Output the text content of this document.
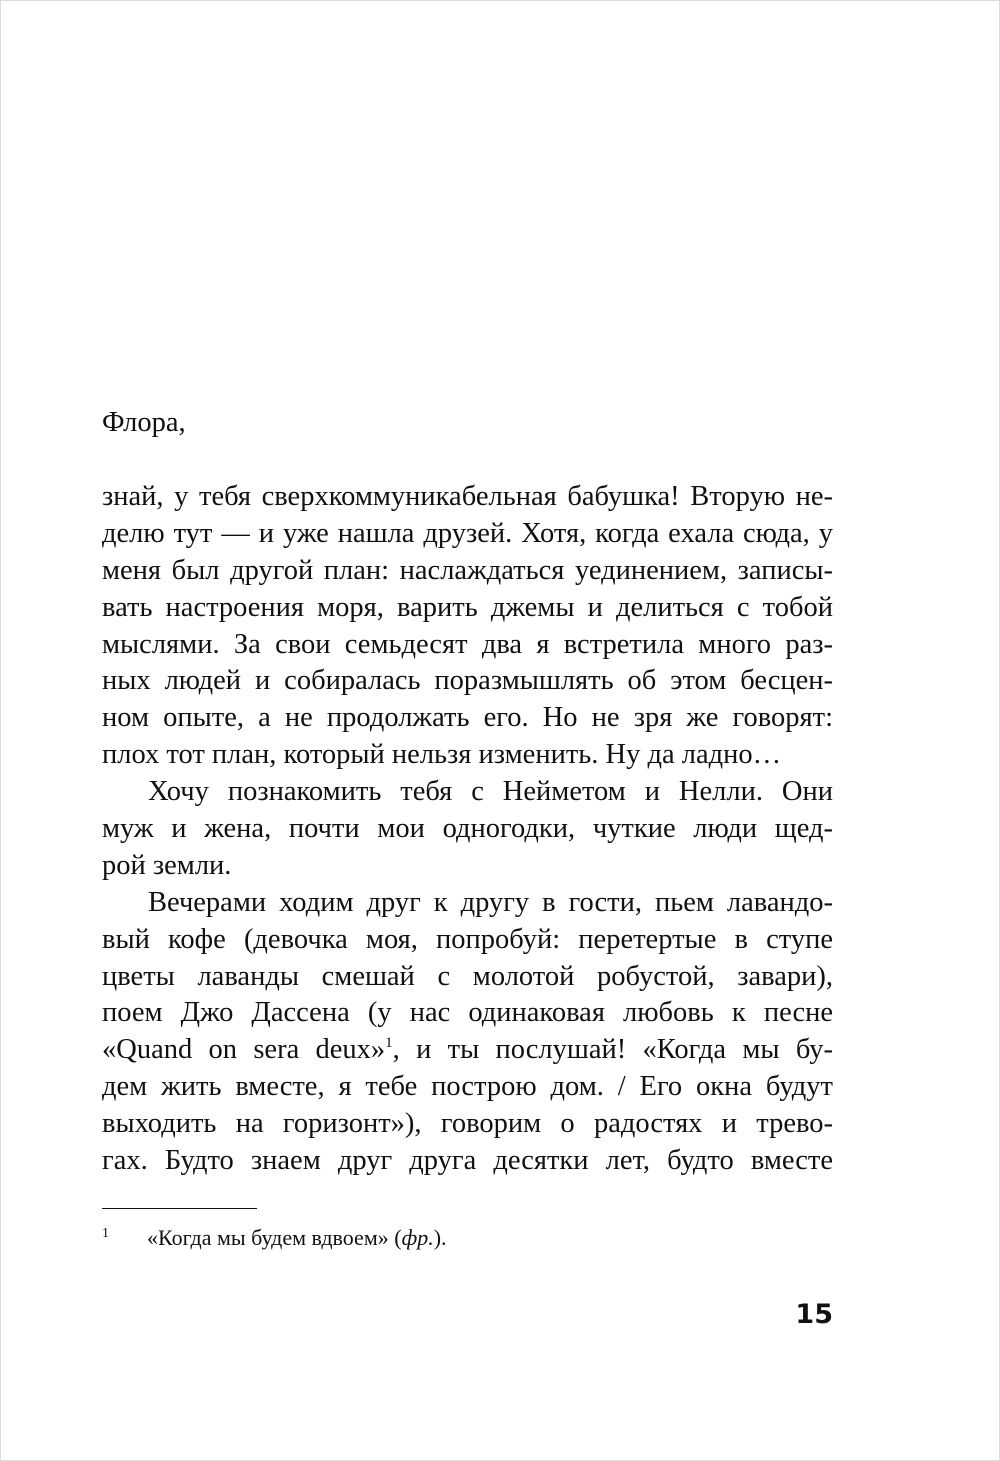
Флора,
знай, у тебя сверхкоммуникабельная бабушка! Вторую не-
делю тут — и уже нашла друзей. Хотя, когда ехала сюда, у
меня был другой план: наслаждаться уединением, записы-
вать настроения моря, варить джемы и делиться с тобой
мыслями. За свои семьдесят два я встретила много раз-
ных людей и собиралась поразмышлять об этом бесцен-
ном опыте, а не продолжать его. Но не зря же говорят:
плох тот план, который нельзя изменить. Ну да ладно…
Хочу познакомить тебя с Нейметом и Нелли. Они
муж и жена, почти мои одногодки, чуткие люди щед-
рой земли.
Вечерами ходим друг к другу в гости, пьем лавандо-
вый кофе (девочка моя, попробуй: перетертые в ступе
цветы лаванды смешай с молотой робустой, завари),
поем Джо Дассена (у нас одинаковая любовь к песне
«Quand on sera deux»$^1$, и ты послушай! «Когда мы бу-
дем жить вместе, я тебе построю дом. / Его окна будут
выходить на горизонт»), говорим о радостях и трево-
гах. Будто знаем друг друга десятки лет, будто вместе
1 «Когда мы будем вдвоем» (фр.).
15
